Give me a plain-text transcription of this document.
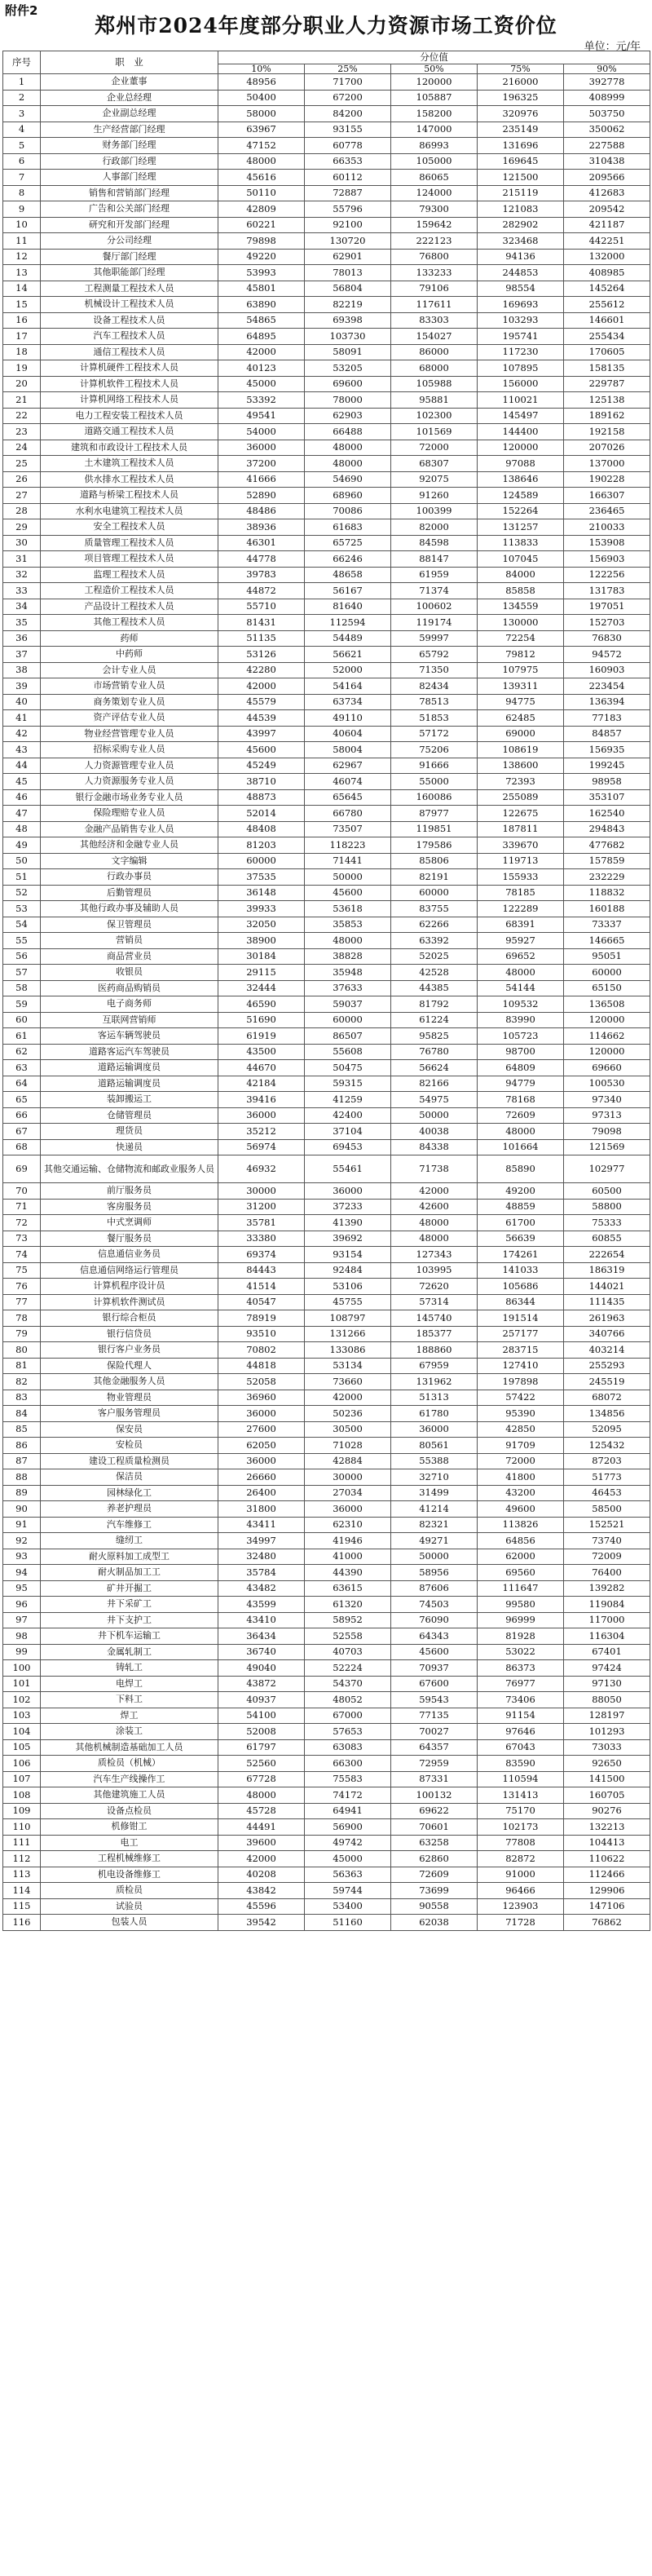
附件2
郑州市2024年度部分职业人力资源市场工资价位
单位：元/年
序号	职　业	分位值				
		10%	25%	50%	75%	90%
1	企业董事	48956	71700	120000	216000	392778
2	企业总经理	50400	67200	105887	196325	408999
3	企业副总经理	58000	84200	158200	320976	503750
4	生产经营部门经理	63967	93155	147000	235149	350062
5	财务部门经理	47152	60778	86993	131696	227588
6	行政部门经理	48000	66353	105000	169645	310438
7	人事部门经理	45616	60112	86065	121500	209566
8	销售和营销部门经理	50110	72887	124000	215119	412683
9	广告和公关部门经理	42809	55796	79300	121083	209542
10	研究和开发部门经理	60221	92100	159642	282902	421187
11	分公司经理	79898	130720	222123	323468	442251
12	餐厅部门经理	49220	62901	76800	94136	132000
13	其他职能部门经理	53993	78013	133233	244853	408985
14	工程测量工程技术人员	45801	56804	79106	98554	145264
15	机械设计工程技术人员	63890	82219	117611	169693	255612
16	设备工程技术人员	54865	69398	83303	103293	146601
17	汽车工程技术人员	64895	103730	154027	195741	255434
18	通信工程技术人员	42000	58091	86000	117230	170605
19	计算机硬件工程技术人员	40123	53205	68000	107895	158135
20	计算机软件工程技术人员	45000	69600	105988	156000	229787
21	计算机网络工程技术人员	53392	78000	95881	110021	125138
22	电力工程安装工程技术人员	49541	62903	102300	145497	189162
23	道路交通工程技术人员	54000	66488	101569	144400	192158
24	建筑和市政设计工程技术人员	36000	48000	72000	120000	207026
25	土木建筑工程技术人员	37200	48000	68307	97088	137000
26	供水排水工程技术人员	41666	54690	92075	138646	190228
27	道路与桥梁工程技术人员	52890	68960	91260	124589	166307
28	水利水电建筑工程技术人员	48486	70086	100399	152264	236465
29	安全工程技术人员	38936	61683	82000	131257	210033
30	质量管理工程技术人员	46301	65725	84598	113833	153908
31	项目管理工程技术人员	44778	66246	88147	107045	156903
32	监理工程技术人员	39783	48658	61959	84000	122256
33	工程造价工程技术人员	44872	56167	71374	85858	131783
34	产品设计工程技术人员	55710	81640	100602	134559	197051
35	其他工程技术人员	81431	112594	119174	130000	152703
36	药师	51135	54489	59997	72254	76830
37	中药师	53126	56621	65792	79812	94572
38	会计专业人员	42280	52000	71350	107975	160903
39	市场营销专业人员	42000	54164	82434	139311	223454
40	商务策划专业人员	45579	63734	78513	94775	136394
41	资产评估专业人员	44539	49110	51853	62485	77183
42	物业经营管理专业人员	43997	40604	57172	69000	84857
43	招标采购专业人员	45600	58004	75206	108619	156935
44	人力资源管理专业人员	45249	62967	91666	138600	199245
45	人力资源服务专业人员	38710	46074	55000	72393	98958
46	银行金融市场业务专业人员	48873	65645	160086	255089	353107
47	保险理赔专业人员	52014	66780	87977	122675	162540
48	金融产品销售专业人员	48408	73507	119851	187811	294843
49	其他经济和金融专业人员	81203	118223	179586	339670	477682
50	文字编辑	60000	71441	85806	119713	157859
51	行政办事员	37535	50000	82191	155933	232229
52	后勤管理员	36148	45600	60000	78185	118832
53	其他行政办事及辅助人员	39933	53618	83755	122289	160188
54	保卫管理员	32050	35853	62266	68391	73337
55	营销员	38900	48000	63392	95927	146665
56	商品营业员	30184	38828	52025	69652	95051
57	收银员	29115	35948	42528	48000	60000
58	医药商品购销员	32444	37633	44385	54144	65150
59	电子商务师	46590	59037	81792	109532	136508
60	互联网营销师	51690	60000	61224	83990	120000
61	客运车辆驾驶员	61919	86507	95825	105723	114662
62	道路客运汽车驾驶员	43500	55608	76780	98700	120000
63	道路运输调度员	44670	50475	56624	64809	69660
64	道路运输调度员	42184	59315	82166	94779	100530
65	装卸搬运工	39416	41259	54975	78168	97340
66	仓储管理员	36000	42400	50000	72609	97313
67	理货员	35212	37104	40038	48000	79098
68	快递员	56974	69453	84338	101664	121569
69	其他交通运输、仓储物流和邮政业服务人员	46932	55461	71738	85890	102977
70	前厅服务员	30000	36000	42000	49200	60500
71	客房服务员	31200	37233	42600	48859	58800
72	中式烹调师	35781	41390	48000	61700	75333
73	餐厅服务员	33380	39692	48000	56639	60855
74	信息通信业务员	69374	93154	127343	174261	222654
75	信息通信网络运行管理员	84443	92484	103995	141033	186319
76	计算机程序设计员	41514	53106	72620	105686	144021
77	计算机软件测试员	40547	45755	57314	86344	111435
78	银行综合柜员	78919	108797	145740	191514	261963
79	银行信贷员	93510	131266	185377	257177	340766
80	银行客户业务员	70802	133086	188860	283715	403214
81	保险代理人	44818	53134	67959	127410	255293
82	其他金融服务人员	52058	73660	131962	197898	245519
83	物业管理员	36960	42000	51313	57422	68072
84	客户服务管理员	36000	50236	61780	95390	134856
85	保安员	27600	30500	36000	42850	52095
86	安检员	62050	71028	80561	91709	125432
87	建设工程质量检测员	36000	42884	55388	72000	87203
88	保洁员	26660	30000	32710	41800	51773
89	园林绿化工	26400	27034	31499	43200	46453
90	养老护理员	31800	36000	41214	49600	58500
91	汽车维修工	43411	62310	82321	113826	152521
92	缝纫工	34997	41946	49271	64856	73740
93	耐火原料加工成型工	32480	41000	50000	62000	72009
94	耐火制品加工工	35784	44390	58956	69560	76400
95	矿井开掘工	43482	63615	87606	111647	139282
96	井下采矿工	43599	61320	74503	99580	119084
97	井下支护工	43410	58952	76090	96999	117000
98	井下机车运输工	36434	52558	64343	81928	116304
99	金属轧制工	36740	40703	45600	53022	67401
100	铸轧工	49040	52224	70937	86373	97424
101	电焊工	43872	54370	67600	76977	97130
102	下料工	40937	48052	59543	73406	88050
103	焊工	54100	67000	77135	91154	128197
104	涂装工	52008	57653	70027	97646	101293
105	其他机械制造基础加工人员	61797	63083	64357	67043	73033
106	质检员（机械）	52560	66300	72959	83590	92650
107	汽车生产线操作工	67728	75583	87331	110594	141500
108	其他建筑施工人员	48000	74172	100132	131413	160705
109	设备点检员	45728	64941	69622	75170	90276
110	机修钳工	44491	56900	70601	102173	132213
111	电工	39600	49742	63258	77808	104413
112	工程机械维修工	42000	45000	62860	82872	110622
113	机电设备维修工	40208	56363	72609	91000	112466
114	质检员	43842	59744	73699	96466	129906
115	试验员	45596	53400	90558	123903	147106
116	包装人员	39542	51160	62038	71728	76862
